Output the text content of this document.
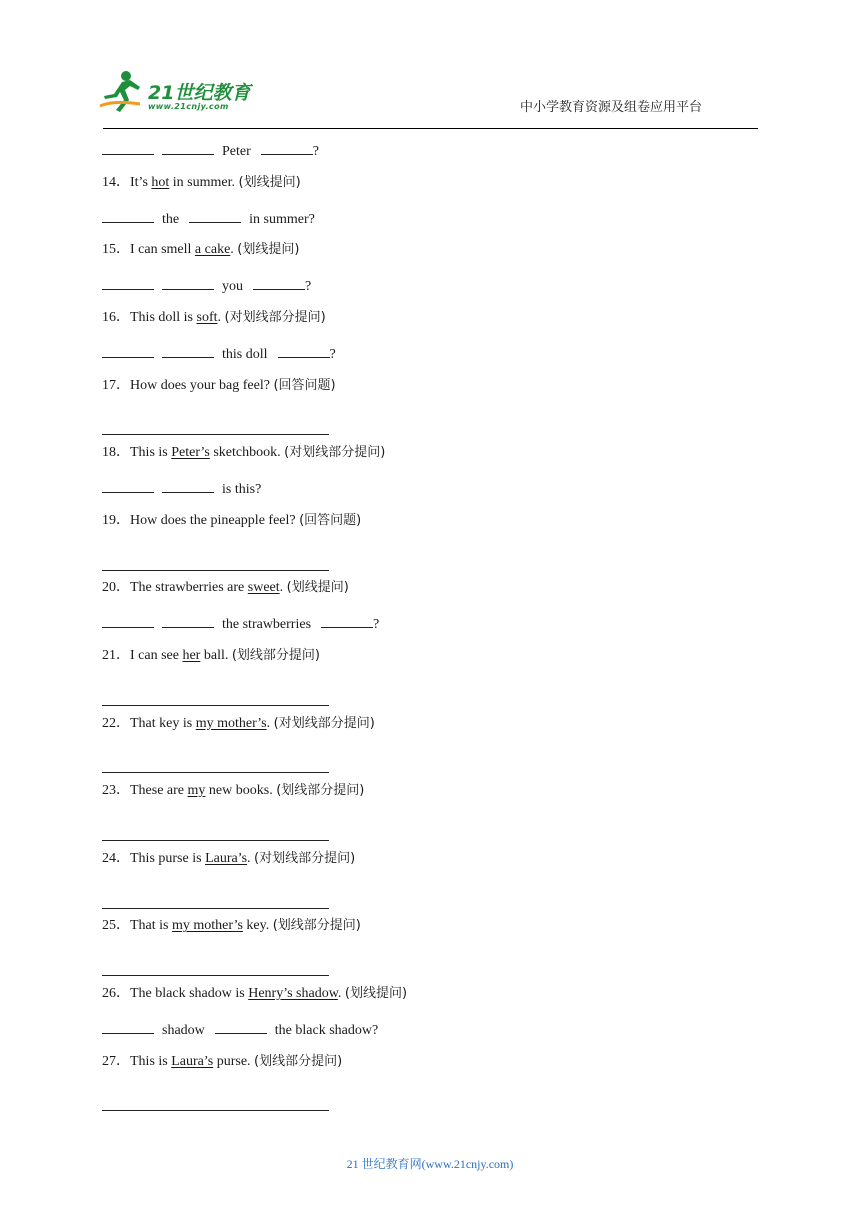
21世纪教育
www.21cnjy.com	中小学教育资源及组卷应用平台
Peter	?
14．It’s hot in summer. (划线提问)
the	in summer?
15．I can smell a cake. (划线提问)
you	?
16．This doll is soft. (对划线部分提问)
this doll	?
17．How does your bag feel? (回答问题)
18．This is Peter’s sketchbook. (对划线部分提问)
is this?
19．How does the pineapple feel? (回答问题)
20．The strawberries are sweet. (划线提问)
the strawberries	?
21．I can see her ball. (划线部分提问)
22．That key is my mother’s. (对划线部分提问)
23．These are my new books. (划线部分提问)
24．This purse is Laura’s. (对划线部分提问)
25．That is my mother’s key. (划线部分提问)
26．The black shadow is Henry’s shadow. (划线提问)
shadow	the black shadow?
27．This is Laura’s purse. (划线部分提问)
21 世纪教育网(www.21cnjy.com)
